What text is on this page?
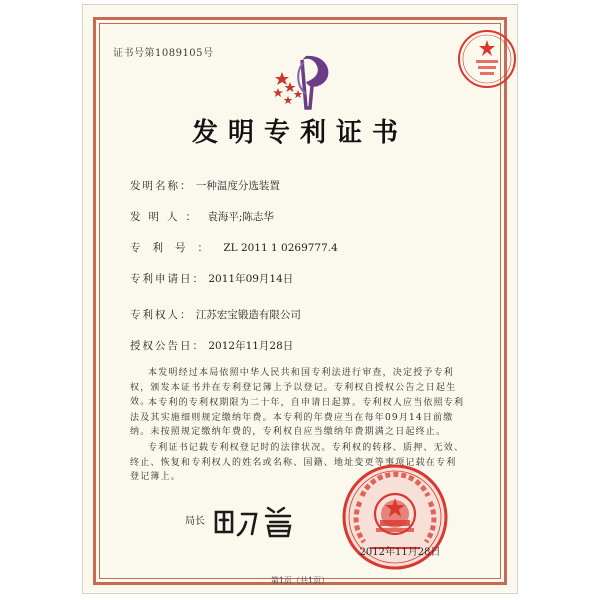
证书号第1089105号
发明专利证书
发明名称： 一种温度分选装置
发明人： 袁海平;陈志华
专利号： ZL 2011 1 0269777.4
专利申请日： 2011年09月14日
专利权人： 江苏宏宝锻造有限公司
授权公告日： 2012年11月28日
本发明经过本局依照中华人民共和国专利法进行审查，决定授予专利权，颁发本证书并在专利登记簿上予以登记。专利权自授权公告之日起生效。
本专利的专利权期限为二十年，自申请日起算。专利权人应当依照专利法及其实施细则规定缴纳年费。本专利的年费应当在每年09月14日前缴纳。未按照规定缴纳年费的，专利权自应当缴纳年费期满之日起终止。
专利证书记载专利权登记时的法律状况。专利权的转移、质押、无效、终止、恢复和专利权人的姓名或名称、国籍、地址变更等事项记载在专利登记簿上。
局长
2012年11月28日
第1页（共1页）
